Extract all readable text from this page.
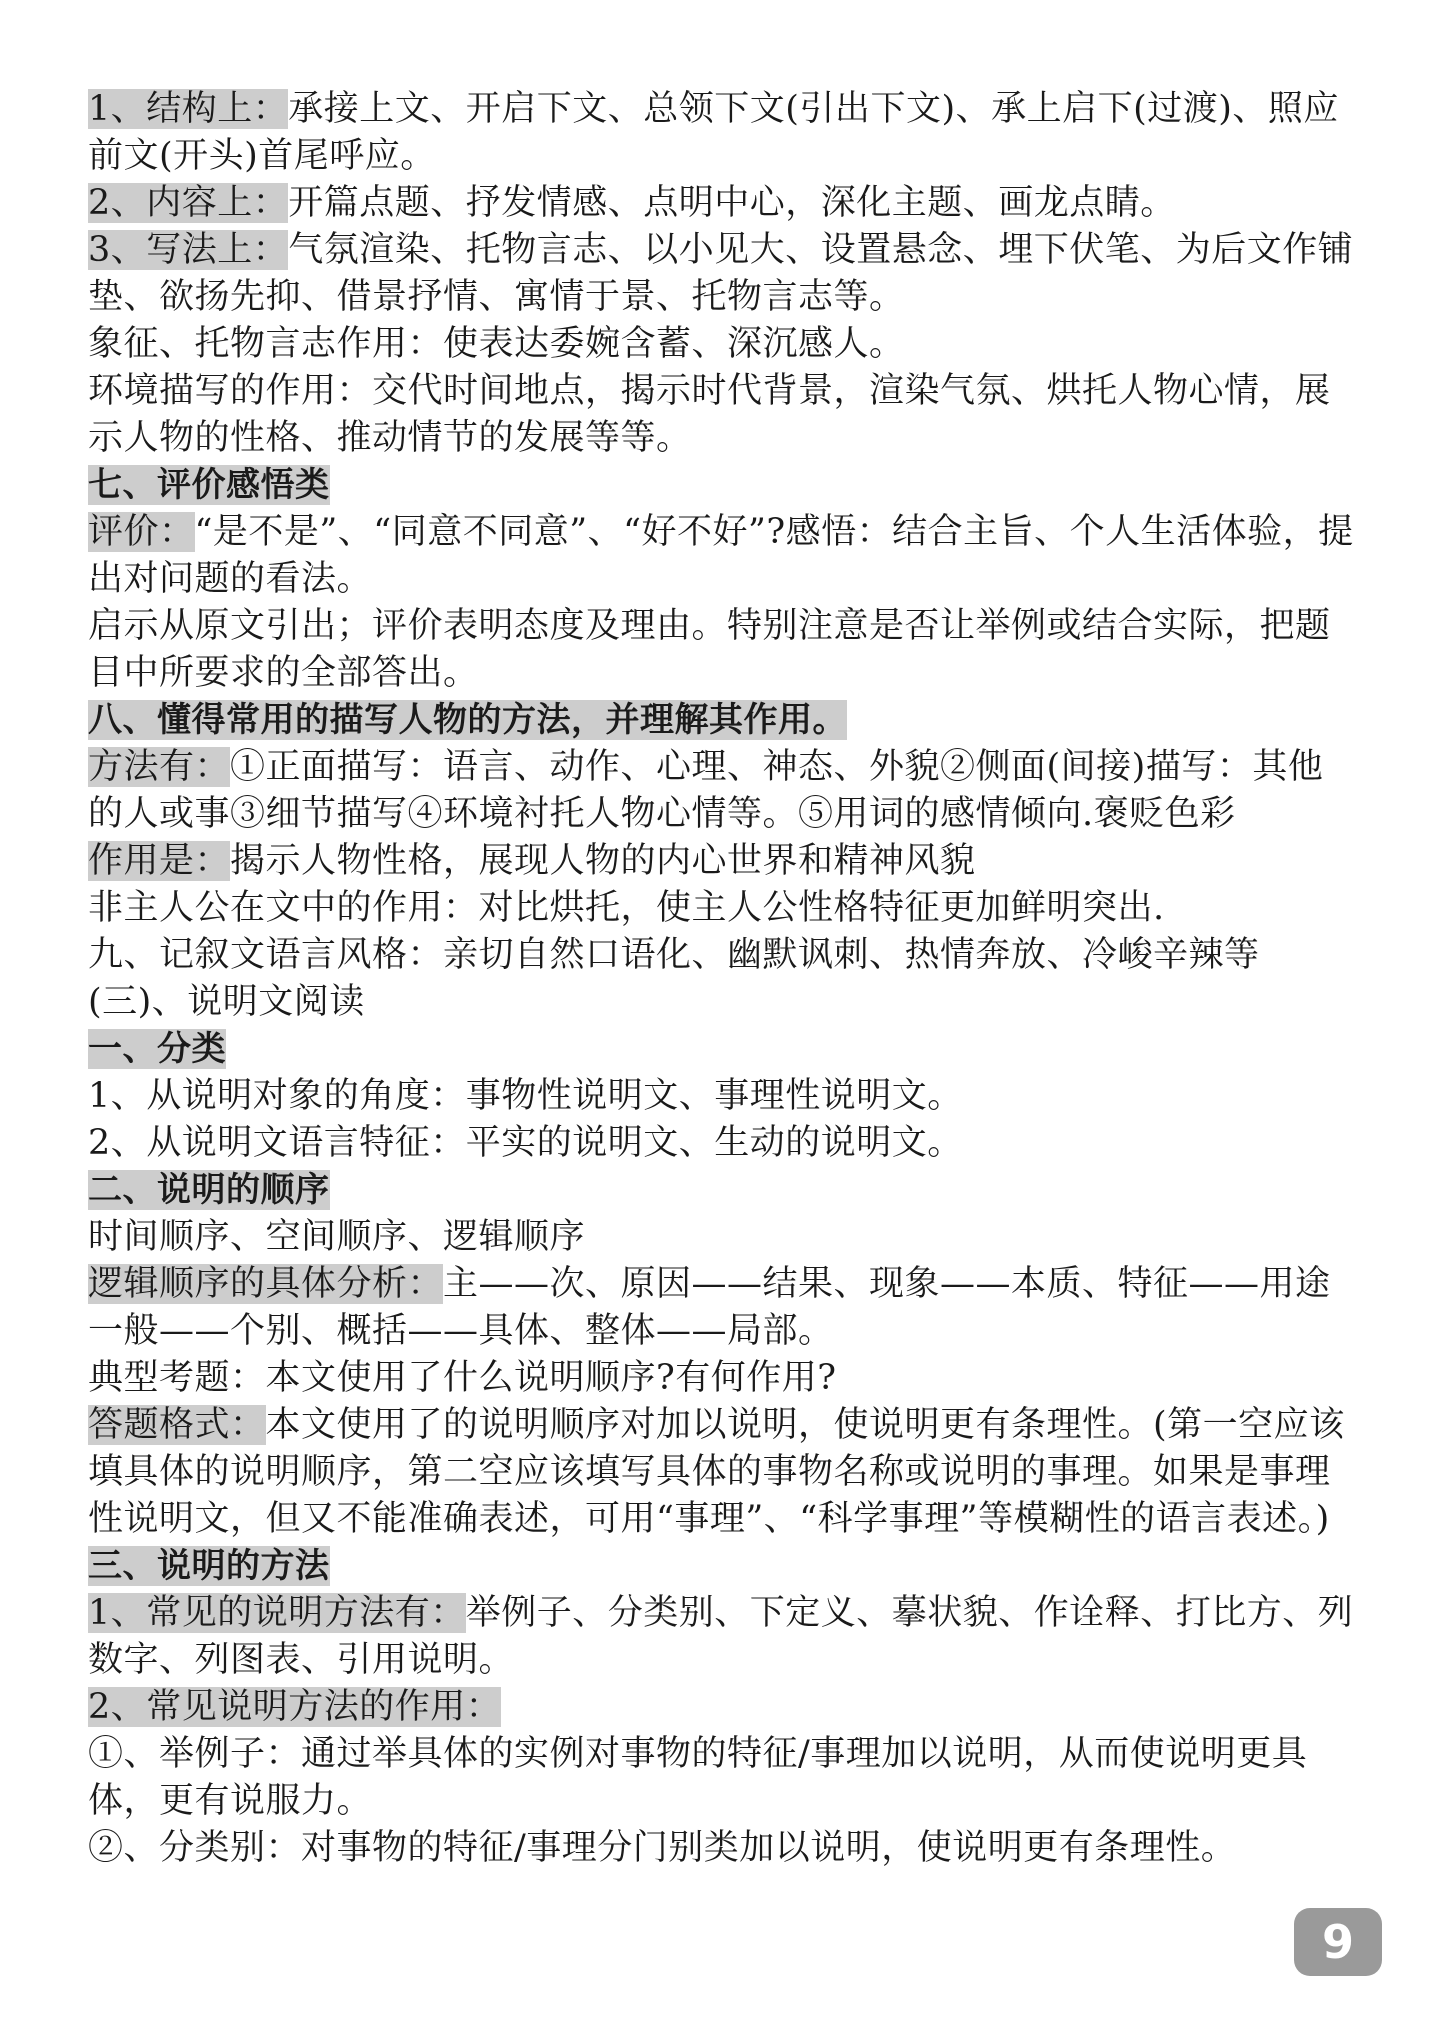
1、结构上：承接上文、开启下文、总领下文(引出下文)、承上启下(过渡)、照应前文(开头)首尾呼应。

2、内容上：开篇点题、抒发情感、点明中心，深化主题、画龙点睛。

3、写法上：气氛渲染、托物言志、以小见大、设置悬念、埋下伏笔、为后文作铺垫、欲扬先抑、借景抒情、寓情于景、托物言志等。

象征、托物言志作用：使表达委婉含蓄、深沉感人。

环境描写的作用：交代时间地点，揭示时代背景，渲染气氛、烘托人物心情，展示人物的性格、推动情节的发展等等。

七、评价感悟类

评价：“是不是”、“同意不同意”、“好不好”?感悟：结合主旨、个人生活体验，提出对问题的看法。

启示从原文引出；评价表明态度及理由。特别注意是否让举例或结合实际，把题目中所要求的全部答出。

八、懂得常用的描写人物的方法，并理解其作用。

方法有：①正面描写：语言、动作、心理、神态、外貌②侧面(间接)描写：其他的人或事③细节描写④环境衬托人物心情等。⑤用词的感情倾向.褒贬色彩

作用是：揭示人物性格，展现人物的内心世界和精神风貌

非主人公在文中的作用：对比烘托，使主人公性格特征更加鲜明突出.

九、记叙文语言风格：亲切自然口语化、幽默讽刺、热情奔放、冷峻辛辣等

(三)、说明文阅读

一、分类

1、从说明对象的角度：事物性说明文、事理性说明文。

2、从说明文语言特征：平实的说明文、生动的说明文。

二、说明的顺序

时间顺序、空间顺序、逻辑顺序

逻辑顺序的具体分析：主——次、原因——结果、现象——本质、特征——用途一般——个别、概括——具体、整体——局部。

典型考题：本文使用了什么说明顺序?有何作用?

答题格式：本文使用了的说明顺序对加以说明，使说明更有条理性。(第一空应该填具体的说明顺序，第二空应该填写具体的事物名称或说明的事理。如果是事理性说明文，但又不能准确表述，可用“事理”、“科学事理”等模糊性的语言表述。)

三、说明的方法

1、常见的说明方法有：举例子、分类别、下定义、摹状貌、作诠释、打比方、列数字、列图表、引用说明。

2、常见说明方法的作用：

①、举例子：通过举具体的实例对事物的特征/事理加以说明，从而使说明更具体，更有说服力。

②、分类别：对事物的特征/事理分门别类加以说明，使说明更有条理性。

9
